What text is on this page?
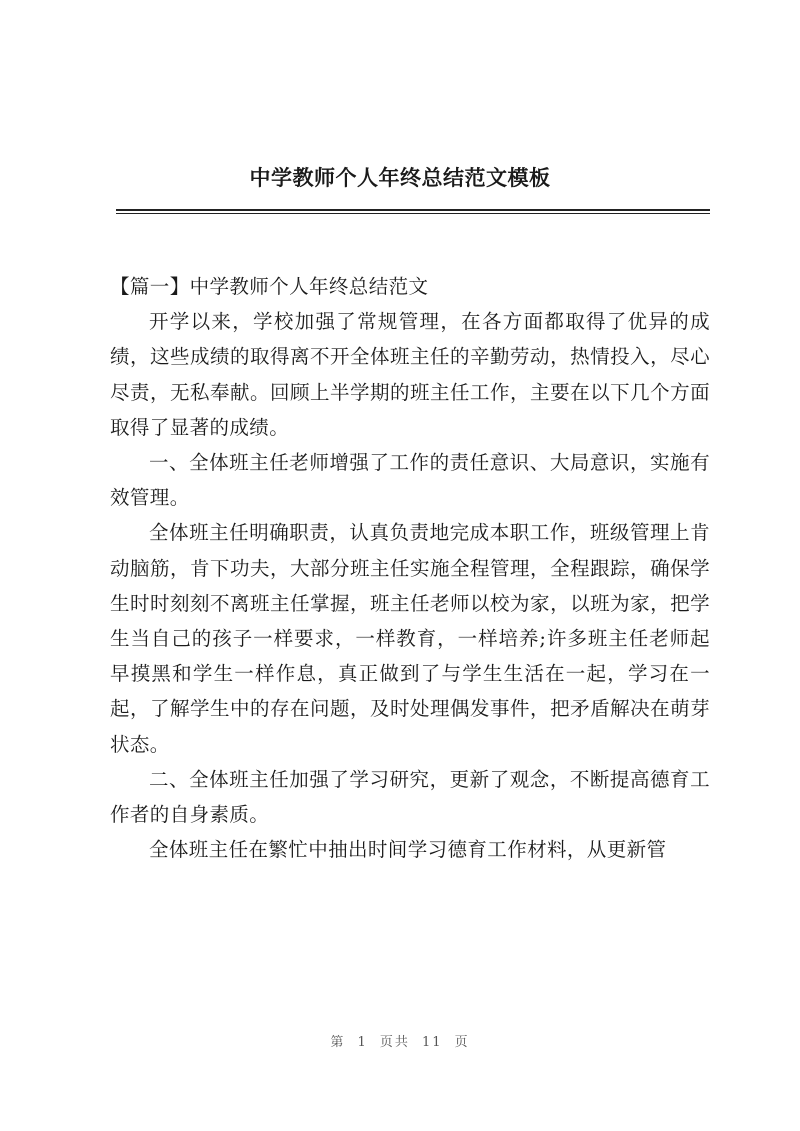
中学教师个人年终总结范文模板

【篇一】中学教师个人年终总结范文

开学以来，学校加强了常规管理，在各方面都取得了优异的成绩，这些成绩的取得离不开全体班主任的辛勤劳动，热情投入，尽心尽责，无私奉献。回顾上半学期的班主任工作，主要在以下几个方面取得了显著的成绩。

一、全体班主任老师增强了工作的责任意识、大局意识，实施有效管理。

全体班主任明确职责，认真负责地完成本职工作，班级管理上肯动脑筋，肯下功夫，大部分班主任实施全程管理，全程跟踪，确保学生时时刻刻不离班主任掌握，班主任老师以校为家，以班为家，把学生当自己的孩子一样要求，一样教育，一样培养;许多班主任老师起早摸黑和学生一样作息，真正做到了与学生生活在一起，学习在一起，了解学生中的存在问题，及时处理偶发事件，把矛盾解决在萌芽状态。

二、全体班主任加强了学习研究，更新了观念，不断提高德育工作者的自身素质。

全体班主任在繁忙中抽出时间学习德育工作材料，从更新管

第 1 页共 11 页
